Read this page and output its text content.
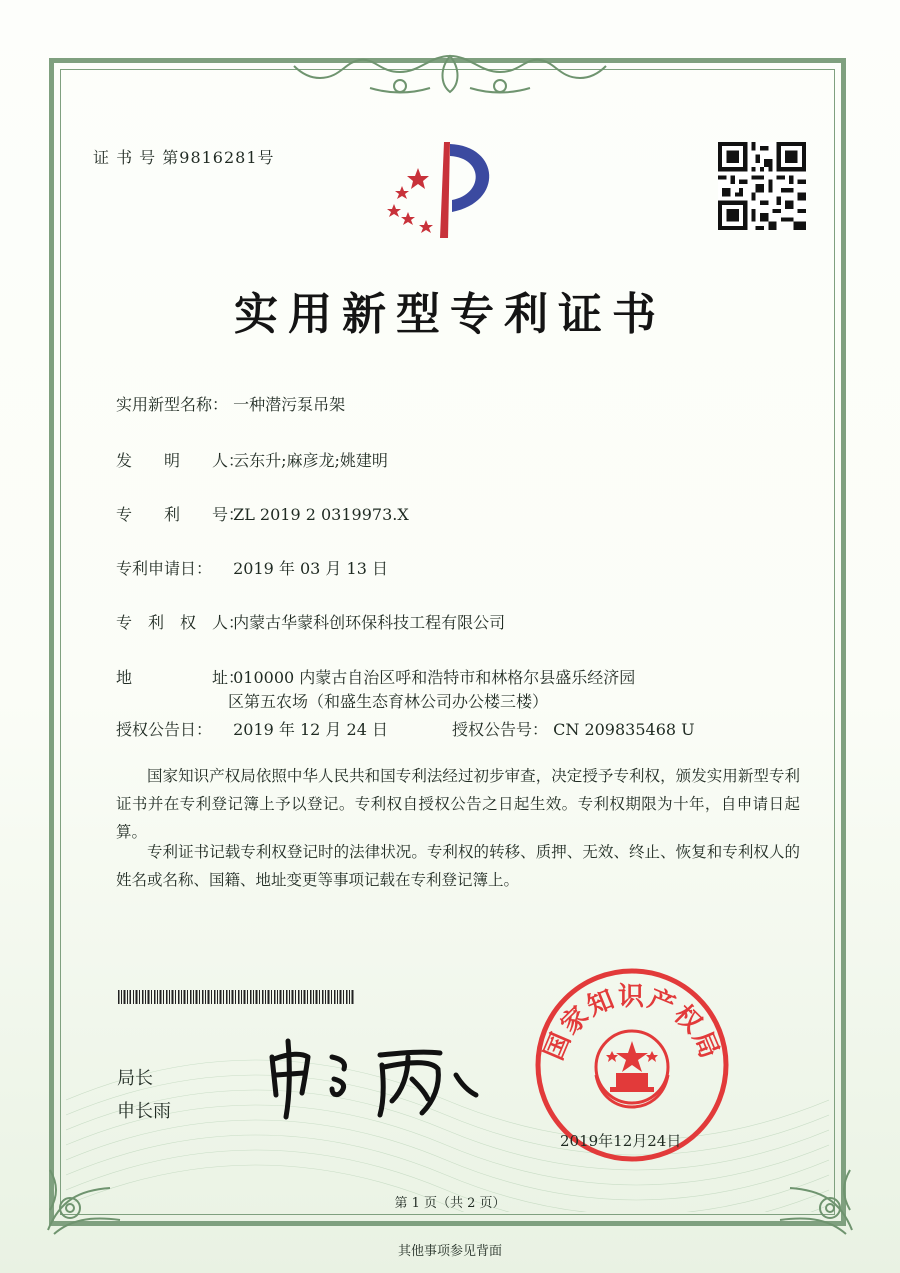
证 书 号 第9816281号
实用新型专利证书
实用新型名称： 一种潜污泵吊架
发　　明　　人： 云东升;麻彦龙;姚建明
专　　利　　号： ZL 2019 2 0319973.X
专利申请日： 2019 年 03 月 13 日
专　利　权　人： 内蒙古华蒙科创环保科技工程有限公司
地　　　　　址： 010000 内蒙古自治区呼和浩特市和林格尔县盛乐经济园
区第五农场（和盛生态育林公司办公楼三楼）
授权公告日： 2019 年 12 月 24 日	授权公告号： CN 209835468 U
国家知识产权局依照中华人民共和国专利法经过初步审查，决定授予专利权，颁发实用新型专利证书并在专利登记簿上予以登记。专利权自授权公告之日起生效。专利权期限为十年，自申请日起算。
专利证书记载专利权登记时的法律状况。专利权的转移、质押、无效、终止、恢复和专利权人的姓名或名称、国籍、地址变更等事项记载在专利登记簿上。
局长
申长雨
国家知识产权局
2019年12月24日
第 1 页（共 2 页）
其他事项参见背面
